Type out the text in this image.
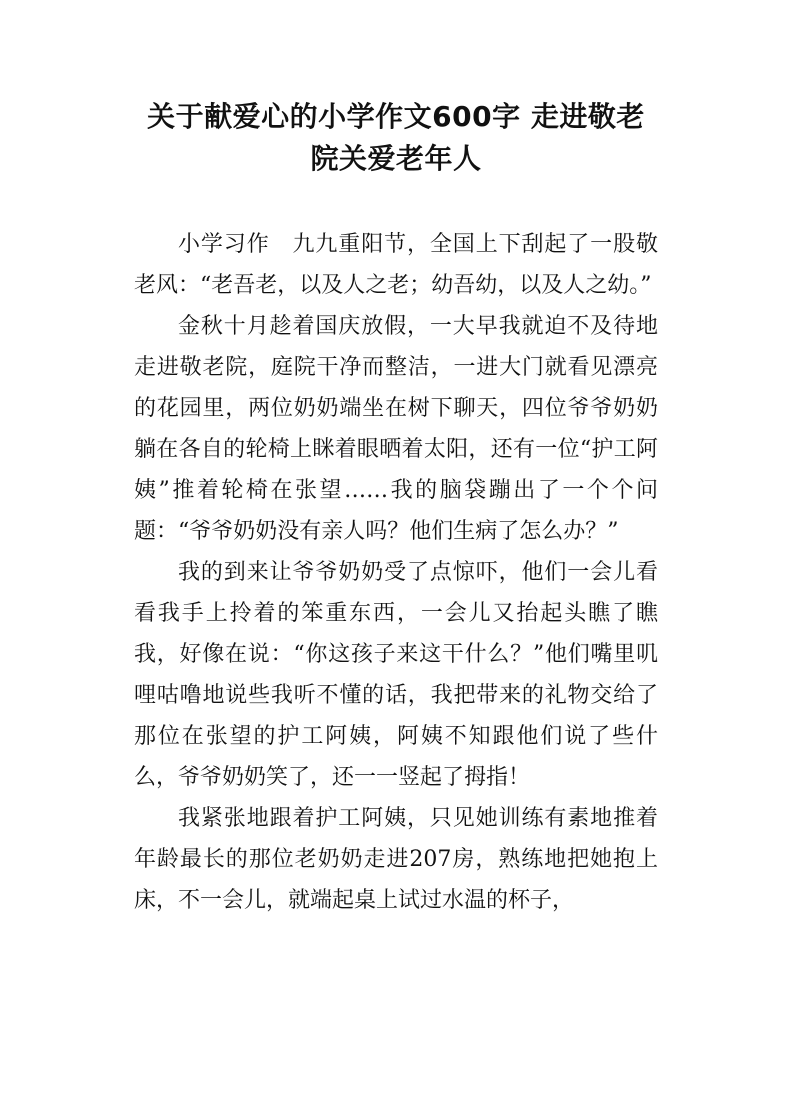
关于献爱心的小学作文600字 走进敬老院关爱老年人

小学习作　九九重阳节，全国上下刮起了一股敬老风：“老吾老，以及人之老；幼吾幼，以及人之幼。”

金秋十月趁着国庆放假，一大早我就迫不及待地走进敬老院，庭院干净而整洁，一进大门就看见漂亮的花园里，两位奶奶端坐在树下聊天，四位爷爷奶奶躺在各自的轮椅上眯着眼晒着太阳，还有一位“护工阿姨”推着轮椅在张望……我的脑袋蹦出了一个个问题：“爷爷奶奶没有亲人吗？他们生病了怎么办？”

我的到来让爷爷奶奶受了点惊吓，他们一会儿看看我手上拎着的笨重东西，一会儿又抬起头瞧了瞧我，好像在说：“你这孩子来这干什么？”他们嘴里叽哩咕噜地说些我听不懂的话，我把带来的礼物交给了那位在张望的护工阿姨，阿姨不知跟他们说了些什么，爷爷奶奶笑了，还一一竖起了拇指！

我紧张地跟着护工阿姨，只见她训练有素地推着年龄最长的那位老奶奶走进207房，熟练地把她抱上床，不一会儿，就端起桌上试过水温的杯子，
